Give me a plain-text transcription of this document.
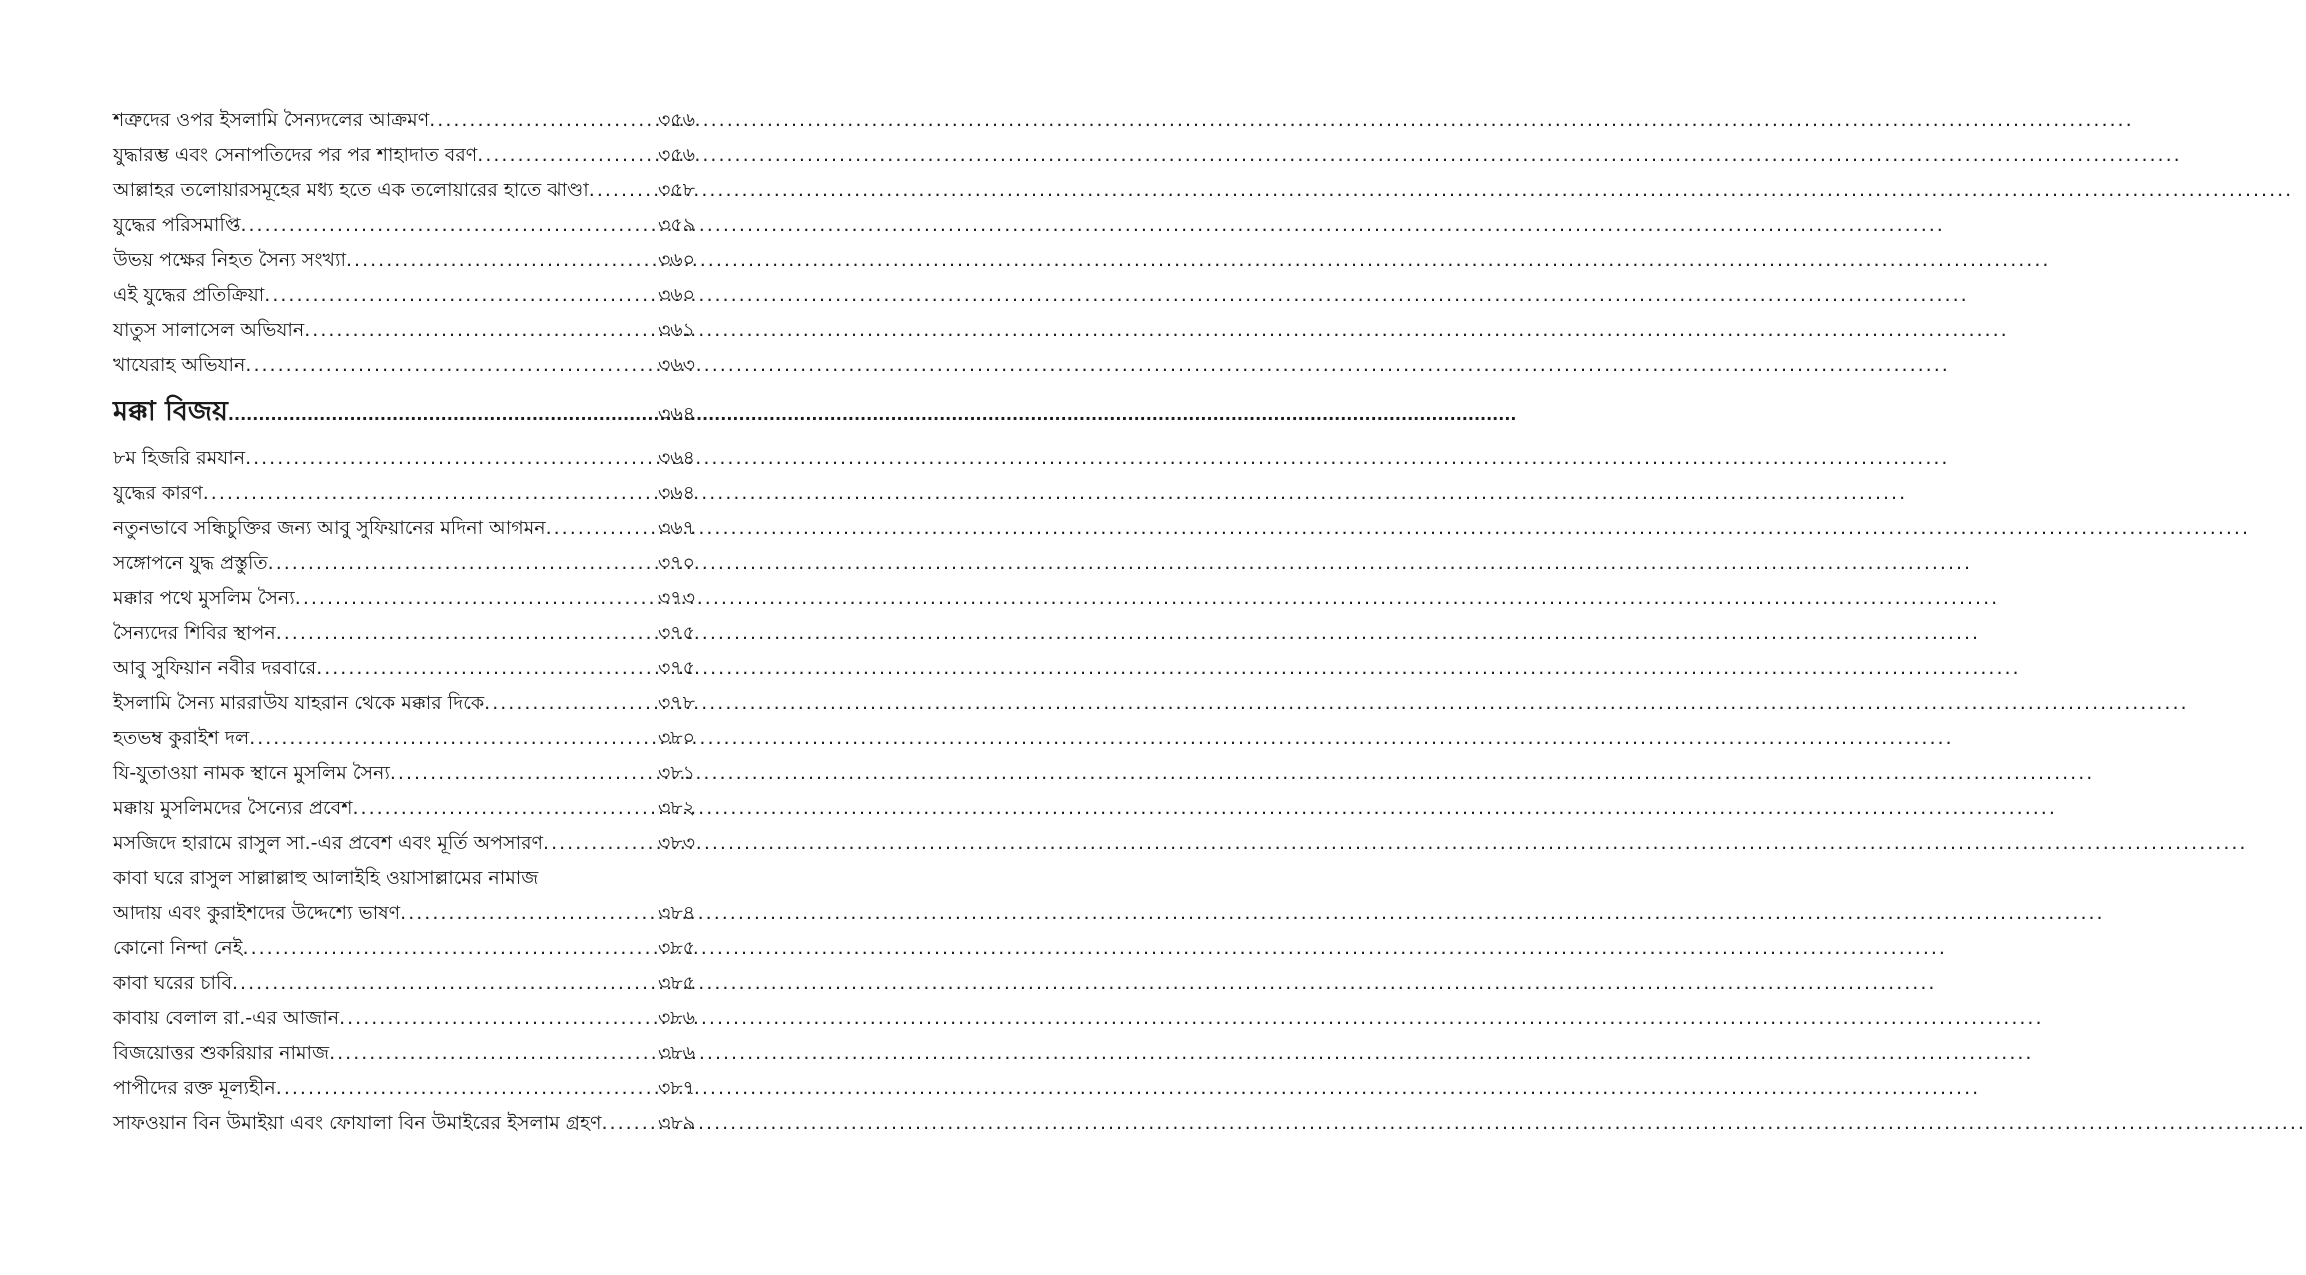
শত্রুদের ওপর ইসলামি সৈন্যদলের আক্রমণ .....	৩৫৬
যুদ্ধারম্ভ এবং সেনাপতিদের পর পর শাহাদাত বরণ .....	৩৫৬
আল্লাহর তলোয়ারসমূহের মধ্য হতে এক তলোয়ারের হাতে ঝাণ্ডা .....	৩৫৮
যুদ্ধের পরিসমাপ্তি .....	৩৫৯
উভয় পক্ষের নিহত সৈন্য সংখ্যা .....	৩৬০
এই যুদ্ধের প্রতিক্রিয়া .....	৩৬০
যাতুস সালাসেল অভিযান .....	৩৬১
খাযেরাহ অভিযান .....	৩৬৩
মক্কা বিজয় .....	৩৬৪
৮ম হিজরি রমযান .....	৩৬৪
যুদ্ধের কারণ .....	৩৬৪
নতুনভাবে সন্ধিচুক্তির জন্য আবু সুফিয়ানের মদিনা আগমন .....	৩৬৭
সঙ্গোপনে যুদ্ধ প্রস্তুতি .....	৩৭০
মক্কার পথে মুসলিম সৈন্য .....	৩৭৩
সৈন্যদের শিবির স্থাপন .....	৩৭৫
আবু সুফিয়ান নবীর দরবারে .....	৩৭৫
ইসলামি সৈন্য মাররাউয যাহরান থেকে মক্কার দিকে .....	৩৭৮
হতভম্ব কুরাইশ দল .....	৩৮০
যি-যুতাওয়া নামক স্থানে মুসলিম সৈন্য .....	৩৮১
মক্কায় মুসলিমদের সৈন্যের প্রবেশ .....	৩৮২
মসজিদে হারামে রাসুল সা.-এর প্রবেশ এবং মূর্তি অপসারণ .....	৩৮৩
কাবা ঘরে রাসুল সাল্লাল্লাহু আলাইহি ওয়াসাল্লামের নামাজ
আদায় এবং কুরাইশদের উদ্দেশ্যে ভাষণ .....	৩৮৪
কোনো নিন্দা নেই .....	৩৮৫
কাবা ঘরের চাবি .....	৩৮৫
কাবায় বেলাল রা.-এর আজান .....	৩৮৬
বিজয়োত্তর শুকরিয়ার নামাজ .....	৩৮৬
পাপীদের রক্ত মূল্যহীন .....	৩৮৭
সাফওয়ান বিন উমাইয়া এবং ফোযালা বিন উমাইরের ইসলাম গ্রহণ .....	৩৮৯
